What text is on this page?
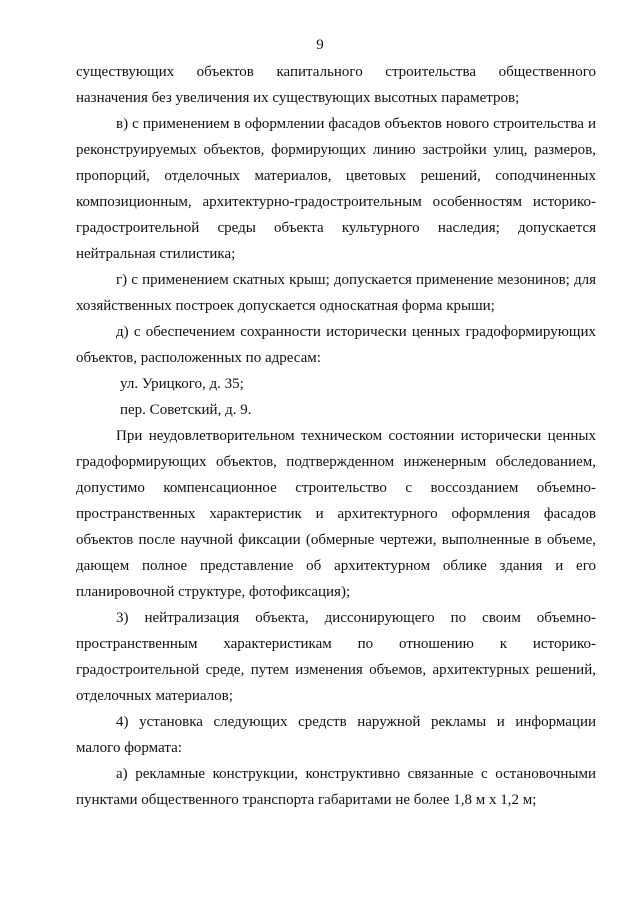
9

существующих объектов капитального строительства общественного назначения без увеличения их существующих высотных параметров;

в) с применением в оформлении фасадов объектов нового строительства и реконструируемых объектов, формирующих линию застройки улиц, размеров, пропорций, отделочных материалов, цветовых решений, соподчиненных композиционным, архитектурно-градостроительным особенностям историко-градостроительной среды объекта культурного наследия; допускается нейтральная стилистика;

г) с применением скатных крыш; допускается применение мезонинов; для хозяйственных построек допускается односкатная форма крыши;

д) с обеспечением сохранности исторически ценных градоформирующих объектов, расположенных по адресам:

ул. Урицкого, д. 35;

пер. Советский, д. 9.

При неудовлетворительном техническом состоянии исторически ценных градоформирующих объектов, подтвержденном инженерным обследованием, допустимо компенсационное строительство с воссозданием объемно-пространственных характеристик и архитектурного оформления фасадов объектов после научной фиксации (обмерные чертежи, выполненные в объеме, дающем полное представление об архитектурном облике здания и его планировочной структуре, фотофиксация);

3) нейтрализация объекта, диссонирующего по своим объемно-пространственным характеристикам по отношению к историко-градостроительной среде, путем изменения объемов, архитектурных решений, отделочных материалов;

4) установка следующих средств наружной рекламы и информации малого формата:

а) рекламные конструкции, конструктивно связанные с остановочными пунктами общественного транспорта габаритами не более 1,8 м х 1,2 м;
